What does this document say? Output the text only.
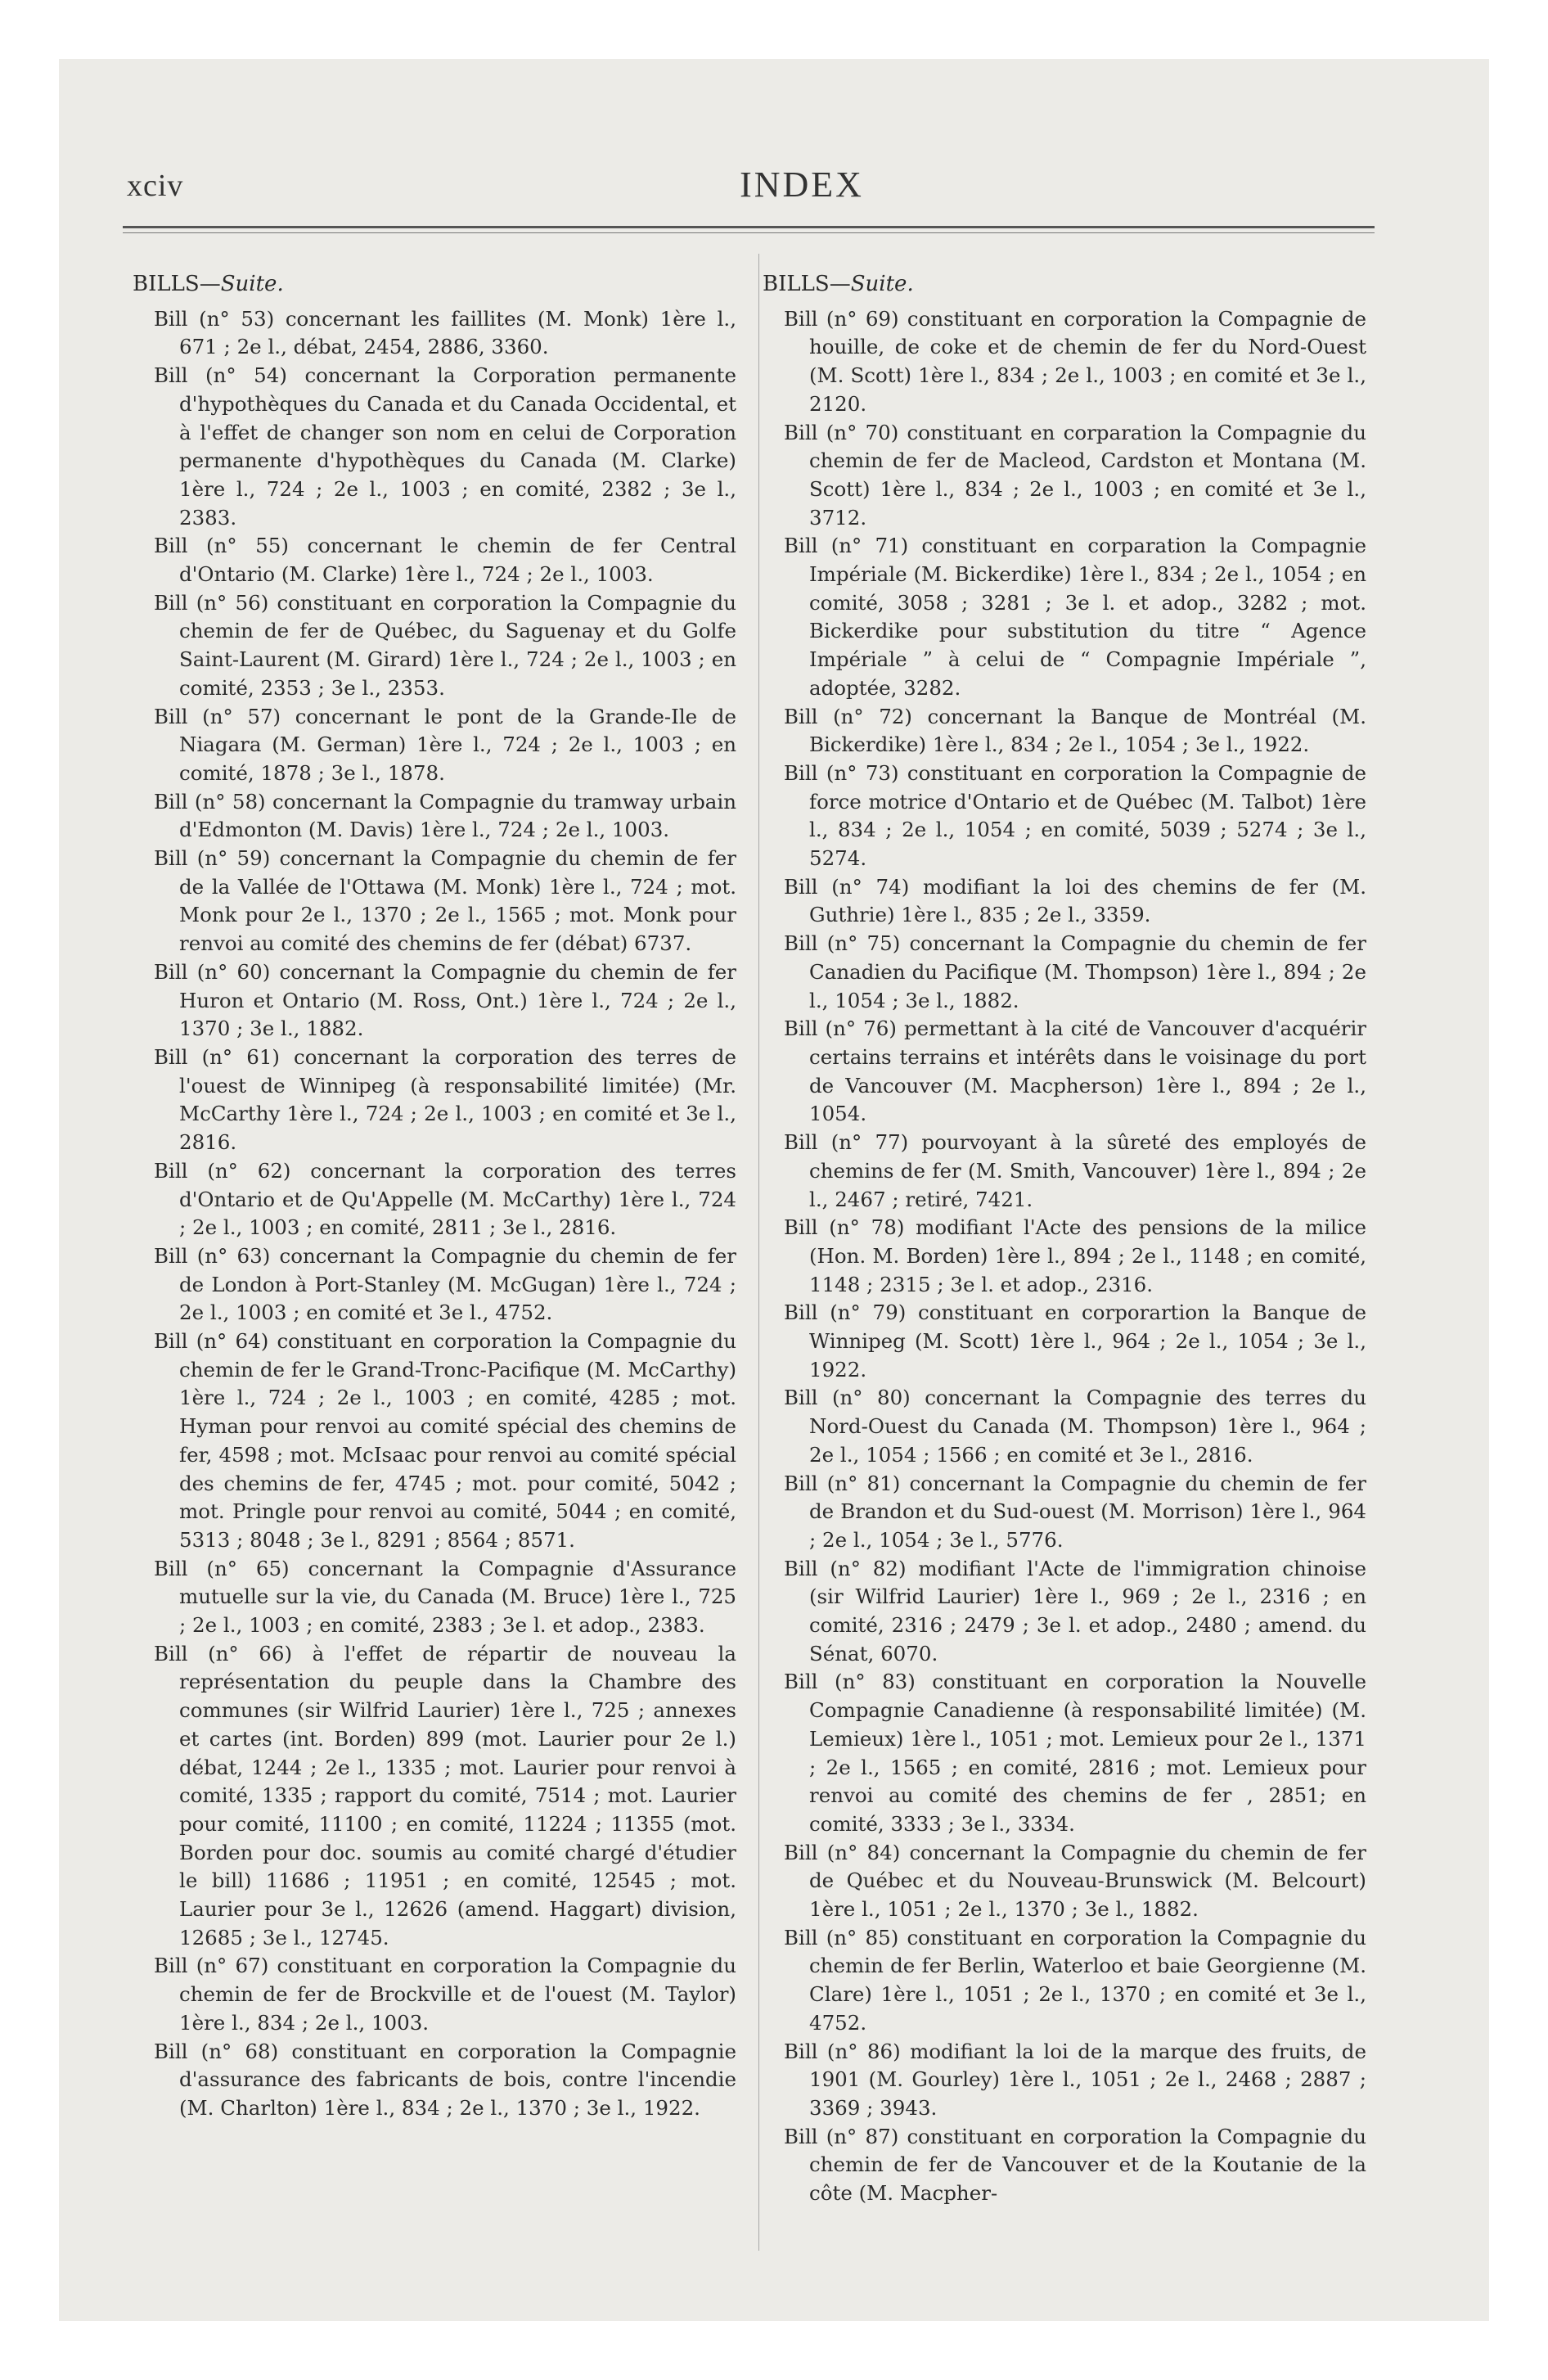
xciv	INDEX

BILLS—Suite.

Bill (n° 53) concernant les faillites (M. Monk) 1ère l., 671 ; 2e l., débat, 2454, 2886, 3360.

Bill (n° 54) concernant la Corporation permanente d'hypothèques du Canada et du Canada Occidental, et à l'effet de changer son nom en celui de Corporation permanente d'hypothèques du Canada (M. Clarke) 1ère l., 724 ; 2e l., 1003 ; en comité, 2382 ; 3e l., 2383.

Bill (n° 55) concernant le chemin de fer Central d'Ontario (M. Clarke) 1ère l., 724 ; 2e l., 1003.

Bill (n° 56) constituant en corporation la Compagnie du chemin de fer de Québec, du Saguenay et du Golfe Saint-Laurent (M. Girard) 1ère l., 724 ; 2e l., 1003 ; en comité, 2353 ; 3e l., 2353.

Bill (n° 57) concernant le pont de la Grande-Ile de Niagara (M. German) 1ère l., 724 ; 2e l., 1003 ; en comité, 1878 ; 3e l., 1878.

Bill (n° 58) concernant la Compagnie du tramway urbain d'Edmonton (M. Davis) 1ère l., 724 ; 2e l., 1003.

Bill (n° 59) concernant la Compagnie du chemin de fer de la Vallée de l'Ottawa (M. Monk) 1ère l., 724 ; mot. Monk pour 2e l., 1370 ; 2e l., 1565 ; mot. Monk pour renvoi au comité des chemins de fer (débat) 6737.

Bill (n° 60) concernant la Compagnie du chemin de fer Huron et Ontario (M. Ross, Ont.) 1ère l., 724 ; 2e l., 1370 ; 3e l., 1882.

Bill (n° 61) concernant la corporation des terres de l'ouest de Winnipeg (à responsabilité limitée) (Mr. McCarthy 1ère l., 724 ; 2e l., 1003 ; en comité et 3e l., 2816.

Bill (n° 62) concernant la corporation des terres d'Ontario et de Qu'Appelle (M. McCarthy) 1ère l., 724 ; 2e l., 1003 ; en comité, 2811 ; 3e l., 2816.

Bill (n° 63) concernant la Compagnie du chemin de fer de London à Port-Stanley (M. McGugan) 1ère l., 724 ; 2e l., 1003 ; en comité et 3e l., 4752.

Bill (n° 64) constituant en corporation la Compagnie du chemin de fer le Grand-Tronc-Pacifique (M. McCarthy) 1ère l., 724 ; 2e l., 1003 ; en comité, 4285 ; mot. Hyman pour renvoi au comité spécial des chemins de fer, 4598 ; mot. McIsaac pour renvoi au comité spécial des chemins de fer, 4745 ; mot. pour comité, 5042 ; mot. Pringle pour renvoi au comité, 5044 ; en comité, 5313 ; 8048 ; 3e l., 8291 ; 8564 ; 8571.

Bill (n° 65) concernant la Compagnie d'Assurance mutuelle sur la vie, du Canada (M. Bruce) 1ère l., 725 ; 2e l., 1003 ; en comité, 2383 ; 3e l. et adop., 2383.

Bill (n° 66) à l'effet de répartir de nouveau la représentation du peuple dans la Chambre des communes (sir Wilfrid Laurier) 1ère l., 725 ; annexes et cartes (int. Borden) 899 (mot. Laurier pour 2e l.) débat, 1244 ; 2e l., 1335 ; mot. Laurier pour renvoi à comité, 1335 ; rapport du comité, 7514 ; mot. Laurier pour comité, 11100 ; en comité, 11224 ; 11355 (mot. Borden pour doc. soumis au comité chargé d'étudier le bill) 11686 ; 11951 ; en comité, 12545 ; mot. Laurier pour 3e l., 12626 (amend. Haggart) division, 12685 ; 3e l., 12745.

Bill (n° 67) constituant en corporation la Compagnie du chemin de fer de Brockville et de l'ouest (M. Taylor) 1ère l., 834 ; 2e l., 1003.

Bill (n° 68) constituant en corporation la Compagnie d'assurance des fabricants de bois, contre l'incendie (M. Charlton) 1ère l., 834 ; 2e l., 1370 ; 3e l., 1922.

BILLS—Suite.

Bill (n° 69) constituant en corporation la Compagnie de houille, de coke et de chemin de fer du Nord-Ouest (M. Scott) 1ère l., 834 ; 2e l., 1003 ; en comité et 3e l., 2120.

Bill (n° 70) constituant en corparation la Compagnie du chemin de fer de Macleod, Cardston et Montana (M. Scott) 1ère l., 834 ; 2e l., 1003 ; en comité et 3e l., 3712.

Bill (n° 71) constituant en corparation la Compagnie Impériale (M. Bickerdike) 1ère l., 834 ; 2e l., 1054 ; en comité, 3058 ; 3281 ; 3e l. et adop., 3282 ; mot. Bickerdike pour substitution du titre “ Agence Impériale ” à celui de “ Compagnie Impériale ”, adoptée, 3282.

Bill (n° 72) concernant la Banque de Montréal (M. Bickerdike) 1ère l., 834 ; 2e l., 1054 ; 3e l., 1922.

Bill (n° 73) constituant en corporation la Compagnie de force motrice d'Ontario et de Québec (M. Talbot) 1ère l., 834 ; 2e l., 1054 ; en comité, 5039 ; 5274 ; 3e l., 5274.

Bill (n° 74) modifiant la loi des chemins de fer (M. Guthrie) 1ère l., 835 ; 2e l., 3359.

Bill (n° 75) concernant la Compagnie du chemin de fer Canadien du Pacifique (M. Thompson) 1ère l., 894 ; 2e l., 1054 ; 3e l., 1882.

Bill (n° 76) permettant à la cité de Vancouver d'acquérir certains terrains et intérêts dans le voisinage du port de Vancouver (M. Macpherson) 1ère l., 894 ; 2e l., 1054.

Bill (n° 77) pourvoyant à la sûreté des employés de chemins de fer (M. Smith, Vancouver) 1ère l., 894 ; 2e l., 2467 ; retiré, 7421.

Bill (n° 78) modifiant l'Acte des pensions de la milice (Hon. M. Borden) 1ère l., 894 ; 2e l., 1148 ; en comité, 1148 ; 2315 ; 3e l. et adop., 2316.

Bill (n° 79) constituant en corporartion la Banque de Winnipeg (M. Scott) 1ère l., 964 ; 2e l., 1054 ; 3e l., 1922.

Bill (n° 80) concernant la Compagnie des terres du Nord-Ouest du Canada (M. Thompson) 1ère l., 964 ; 2e l., 1054 ; 1566 ; en comité et 3e l., 2816.

Bill (n° 81) concernant la Compagnie du chemin de fer de Brandon et du Sud-ouest (M. Morrison) 1ère l., 964 ; 2e l., 1054 ; 3e l., 5776.

Bill (n° 82) modifiant l'Acte de l'immigration chinoise (sir Wilfrid Laurier) 1ère l., 969 ; 2e l., 2316 ; en comité, 2316 ; 2479 ; 3e l. et adop., 2480 ; amend. du Sénat, 6070.

Bill (n° 83) constituant en corporation la Nouvelle Compagnie Canadienne (à responsabilité limitée) (M. Lemieux) 1ère l., 1051 ; mot. Lemieux pour 2e l., 1371 ; 2e l., 1565 ; en comité, 2816 ; mot. Lemieux pour renvoi au comité des chemins de fer , 2851; en comité, 3333 ; 3e l., 3334.

Bill (n° 84) concernant la Compagnie du chemin de fer de Québec et du Nouveau-Brunswick (M. Belcourt) 1ère l., 1051 ; 2e l., 1370 ; 3e l., 1882.

Bill (n° 85) constituant en corporation la Compagnie du chemin de fer Berlin, Waterloo et baie Georgienne (M. Clare) 1ère l., 1051 ; 2e l., 1370 ; en comité et 3e l., 4752.

Bill (n° 86) modifiant la loi de la marque des fruits, de 1901 (M. Gourley) 1ère l., 1051 ; 2e l., 2468 ; 2887 ; 3369 ; 3943.

Bill (n° 87) constituant en corporation la Compagnie du chemin de fer de Vancouver et de la Koutanie de la côte (M. Macpher-
